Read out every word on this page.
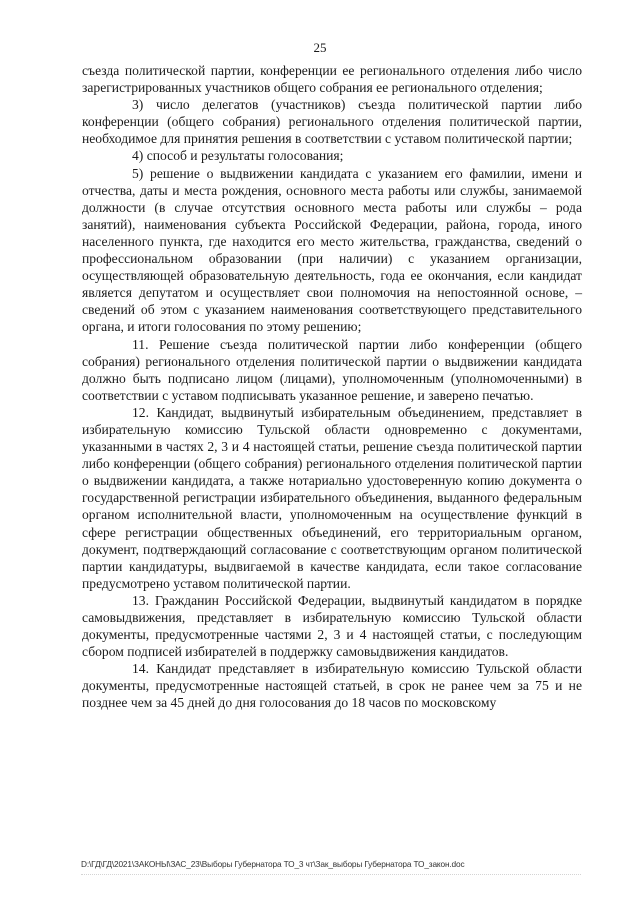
25

съезда политической партии, конференции ее регионального отделения либо число зарегистрированных участников общего собрания ее регионального отделения;

3) число делегатов (участников) съезда политической партии либо конференции (общего собрания) регионального отделения политической партии, необходимое для принятия решения в соответствии с уставом политической партии;

4) способ и результаты голосования;

5) решение о выдвижении кандидата с указанием его фамилии, имени и отчества, даты и места рождения, основного места работы или службы, занимаемой должности (в случае отсутствия основного места работы или службы – рода занятий), наименования субъекта Российской Федерации, района, города, иного населенного пункта, где находится его место жительства, гражданства, сведений о профессиональном образовании (при наличии) с указанием организации, осуществляющей образовательную деятельность, года ее окончания, если кандидат является депутатом и осуществляет свои полномочия на непостоянной основе, – сведений об этом с указанием наименования соответствующего представительного органа, и итоги голосования по этому решению;

11. Решение съезда политической партии либо конференции (общего собрания) регионального отделения политической партии о выдвижении кандидата должно быть подписано лицом (лицами), уполномоченным (уполномоченными) в соответствии с уставом подписывать указанное решение, и заверено печатью.

12. Кандидат, выдвинутый избирательным объединением, представляет в избирательную комиссию Тульской области одновременно с документами, указанными в частях 2, 3 и 4 настоящей статьи, решение съезда политической партии либо конференции (общего собрания) регионального отделения политической партии о выдвижении кандидата, а также нотариально удостоверенную копию документа о государственной регистрации избирательного объединения, выданного федеральным органом исполнительной власти, уполномоченным на осуществление функций в сфере регистрации общественных объединений, его территориальным органом, документ, подтверждающий согласование с соответствующим органом политической партии кандидатуры, выдвигаемой в качестве кандидата, если такое согласование предусмотрено уставом политической партии.

13. Гражданин Российской Федерации, выдвинутый кандидатом в порядке самовыдвижения, представляет в избирательную комиссию Тульской области документы, предусмотренные частями 2, 3 и 4 настоящей статьи, с последующим сбором подписей избирателей в поддержку самовыдвижения кандидатов.

14. Кандидат представляет в избирательную комиссию Тульской области документы, предусмотренные настоящей статьей, в срок не ранее чем за 75 и не позднее чем за 45 дней до дня голосования до 18 часов по московскому

D:\ГД\ГД\2021\ЗАКОНЫ\ЗАС_23\Выборы Губернатора ТО_3 чт\Зак_выборы Губернатора ТО_закон.doc
